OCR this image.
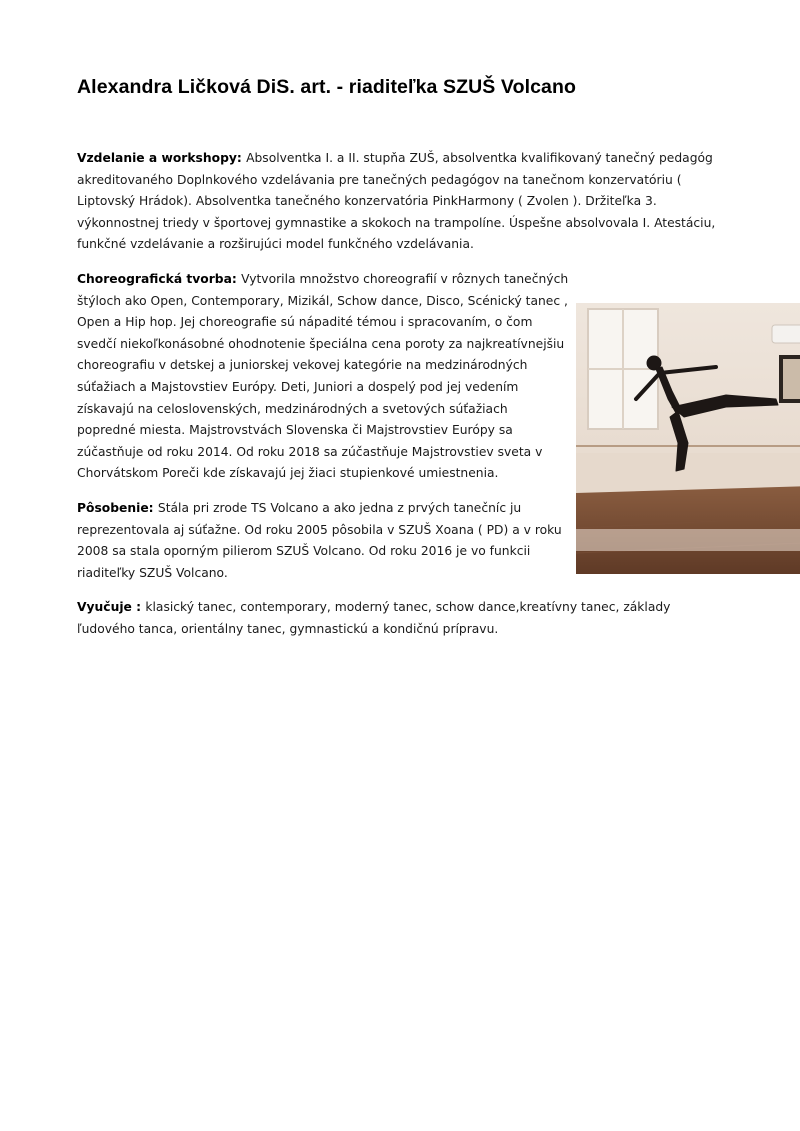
Alexandra Ličková DiS. art. - riaditeľka SZUŠ Volcano

Vzdelanie a workshopy: Absolventka I. a II. stupňa ZUŠ, absolventka kvalifikovaný tanečný pedagóg akreditovaného Doplnkového vzdelávania pre tanečných pedagógov na tanečnom konzervatóriu ( Liptovský Hrádok). Absolventka tanečného konzervatória PinkHarmony ( Zvolen ). Držiteľka 3. výkonnostnej triedy v športovej gymnastike a skokoch na trampolíne. Úspešne absolvovala I. Atestáciu, funkčné vzdelávanie a rozširujúci model funkčného vzdelávania.

Choreografická tvorba: Vytvorila množstvo choreografií v rôznych tanečných štýloch ako Open, Contemporary, Mizikál, Schow dance, Disco, Scénický tanec , Open a Hip hop. Jej choreografie sú nápadité témou i spracovaním, o čom svedčí niekoľkonásobné ohodnotenie špeciálna cena poroty za najkreatívnejšiu choreografiu v detskej a juniorskej vekovej kategórie na medzinárodných súťažiach a Majstovstiev Európy. Deti, Juniori a dospelý pod jej vedením získavajú na celoslovenských, medzinárodných a svetových súťažiach popredné miesta. Majstrovstvách Slovenska či Majstrovstiev Európy sa zúčastňuje od roku 2014. Od roku 2018 sa zúčastňuje Majstrovstiev sveta v Chorvátskom Poreči kde získavajú jej žiaci stupienkové umiestnenia.

Pôsobenie: Stála pri zrode TS Volcano a ako jedna z prvých tanečníc ju reprezentovala aj súťažne. Od roku 2005 pôsobila v SZUŠ Xoana ( PD) a v roku 2008 sa stala oporným pilierom SZUŠ Volcano. Od roku 2016 je vo funkcii riaditeľky SZUŠ Volcano.

Vyučuje : klasický tanec, contemporary, moderný tanec, schow dance,kreatívny tanec, základy ľudového tanca, orientálny tanec, gymnastickú a kondičnú prípravu.
